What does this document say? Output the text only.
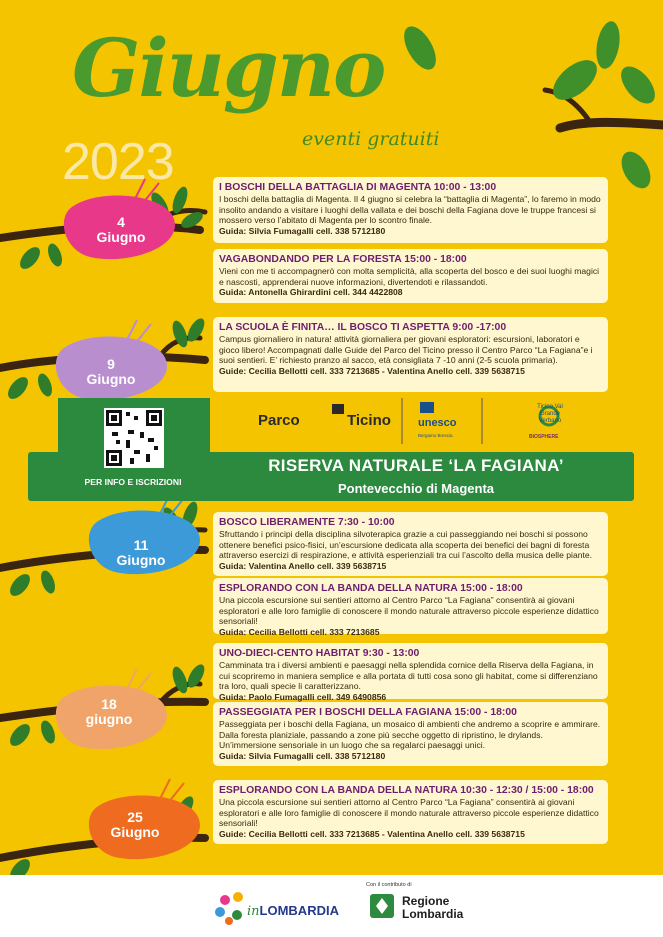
Giugno
2023	eventi gratuiti
4
Giugno
9
Giugno
11
Giugno
18
giugno
25
Giugno
I BOSCHI DELLA BATTAGLIA DI MAGENTA 10:00 - 13:00
I boschi della battaglia di Magenta. Il 4 giugno si celebra la “battaglia di Magenta”, lo faremo in modo insolito andando a visitare i luoghi della vallata e dei boschi della Fagiana dove le truppe francesi si mossero verso l’abitato di Magenta per lo scontro finale.
Guida: Silvia Fumagalli cell. 338 5712180
VAGABONDANDO PER LA FORESTA 15:00 - 18:00
Vieni con me ti accompagnerò con molta semplicità, alla scoperta del bosco e dei suoi luoghi magici e nascosti, apprenderai nuove informazioni, divertendoti e rilassandoti.
Guida: Antonella Ghirardini cell. 344 4422808
LA SCUOLA È FINITA… IL BOSCO TI ASPETTA 9:00 -17:00
Campus giornaliero in natura! attività giornaliera per giovani esploratori: escursioni, laboratori e gioco libero! Accompagnati dalle Guide del Parco del Ticino presso il Centro Parco “La Fagiana”e i suoi sentieri. E’ richiesto pranzo al sacco, età consigliata 7 -10 anni (2-5 scuola primaria).
Guide: Cecilia Bellotti cell. 333 7213685 - Valentina Anello cell. 339 5638715
Parco	Ticino unesco
Bergamo Brescia
Ticino Val Grande Verbano
BIOSPHERE
PER INFO E ISCRIZIONI
RISERVA NATURALE ‘LA FAGIANA’
Pontevecchio di Magenta
BOSCO LIBERAMENTE 7:30 - 10:00
Sfruttando i principi della disciplina silvoterapica grazie a cui passeggiando nei boschi si possono ottenere benefici psico-fisici, un’escursione dedicata alla scoperta dei benefici dei bagni di foresta attraverso esercizi di respirazione, e attività esperienziali tra cui l’ascolto della musica delle piante.
Guida: Valentina Anello cell. 339 5638715
ESPLORANDO CON LA BANDA DELLA NATURA 15:00 - 18:00
Una piccola escursione sui sentieri attorno al Centro Parco “La Fagiana” consentirà ai giovani esploratori e alle loro famiglie di conoscere il mondo naturale attraverso piccole esperienze didattico sensoriali!
Guida: Cecilia Bellotti cell. 333 7213685
UNO-DIECI-CENTO HABITAT 9:30 - 13:00
Camminata tra i diversi ambienti e paesaggi nella splendida cornice della Riserva della Fagiana, in cui scopriremo in maniera semplice e alla portata di tutti cosa sono gli habitat, come si differenziano tra loro, quali specie li caratterizzano.
Guida: Paolo Fumagalli cell. 349 6490856
PASSEGGIATA PER I BOSCHI DELLA FAGIANA 15:00 - 18:00
Passeggiata per i boschi della Fagiana, un mosaico di ambienti che andremo a scoprire e ammirare. Dalla foresta planiziale, passando a zone più secche oggetto di ripristino, le drylands. Un’immersione sensoriale in un luogo che sa regalarci paesaggi unici.
Guida: Silvia Fumagalli cell. 338 5712180
ESPLORANDO CON LA BANDA DELLA NATURA 10:30 - 12:30 / 15:00 - 18:00
Una piccola escursione sui sentieri attorno al Centro Parco “La Fagiana” consentirà ai giovani esploratori e alle loro famiglie di conoscere il mondo naturale attraverso piccole esperienze didattico sensoriali!
Guide: Cecilia Bellotti cell. 333 7213685 - Valentina Anello cell. 339 5638715
Con il contributo di
inLOMBARDIA
Regione
Lombardia
